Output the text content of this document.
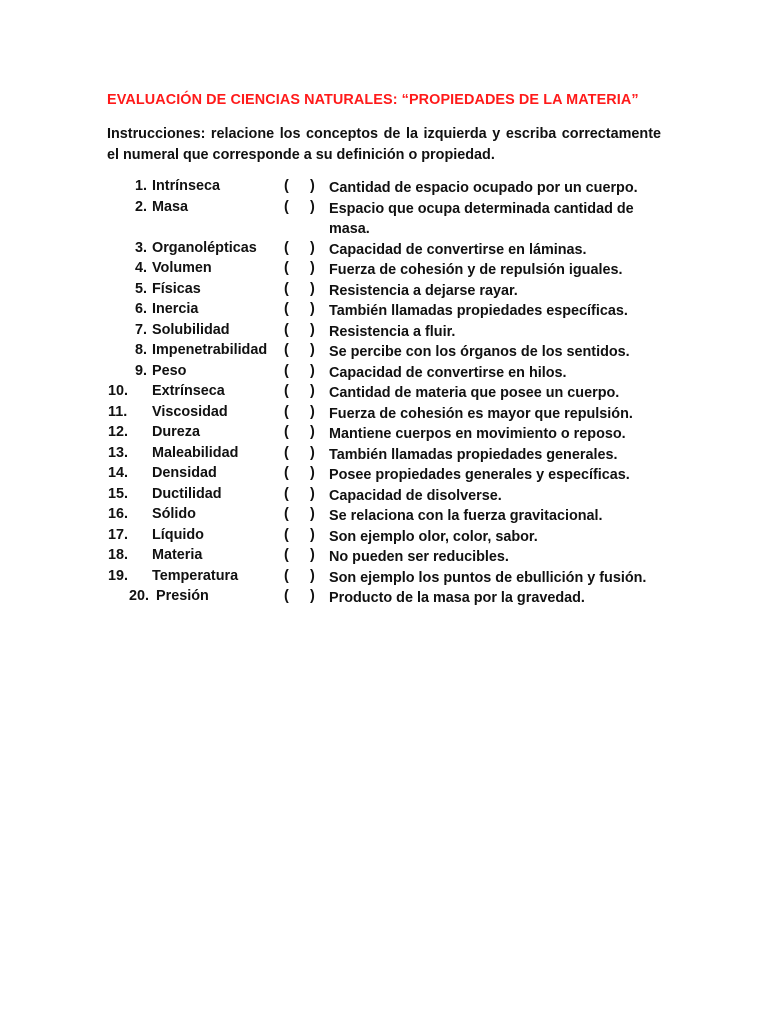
EVALUACIÓN DE CIENCIAS NATURALES: “PROPIEDADES DE LA MATERIA”
Instrucciones: relacione los conceptos de la izquierda y escriba correctamente el numeral que corresponde a su definición o propiedad.
1. Intrínseca	( ) Cantidad de espacio ocupado por un cuerpo.
2. Masa	( ) Espacio que ocupa determinada cantidad de masa.
3. Organolépticas ( ) Capacidad de convertirse en láminas.
4. Volumen	( ) Fuerza de cohesión y de repulsión iguales.
5. Físicas	( ) Resistencia a dejarse rayar.
6. Inercia	( ) También llamadas propiedades específicas.
7. Solubilidad	( ) Resistencia a fluir.
8. Impenetrabilidad ( ) Se percibe con los órganos de los sentidos.
9. Peso	( ) Capacidad de convertirse en hilos.
10.	Extrínseca	( ) Cantidad de materia que posee un cuerpo.
11.	Viscosidad	( ) Fuerza de cohesión es mayor que repulsión.
12.	Dureza	( ) Mantiene cuerpos en movimiento o reposo.
13.	Maleabilidad	( ) También llamadas propiedades generales.
14.	Densidad	( ) Posee propiedades generales y específicas.
15.	Ductilidad	( ) Capacidad de disolverse.
16.	Sólido	( ) Se relaciona con la fuerza gravitacional.
17.	Líquido	( ) Son ejemplo olor, color, sabor.
18.	Materia	( ) No pueden ser reducibles.
19.	Temperatura	( ) Son ejemplo los puntos de ebullición y fusión.
20. Presión	( ) Producto de la masa por la gravedad.
